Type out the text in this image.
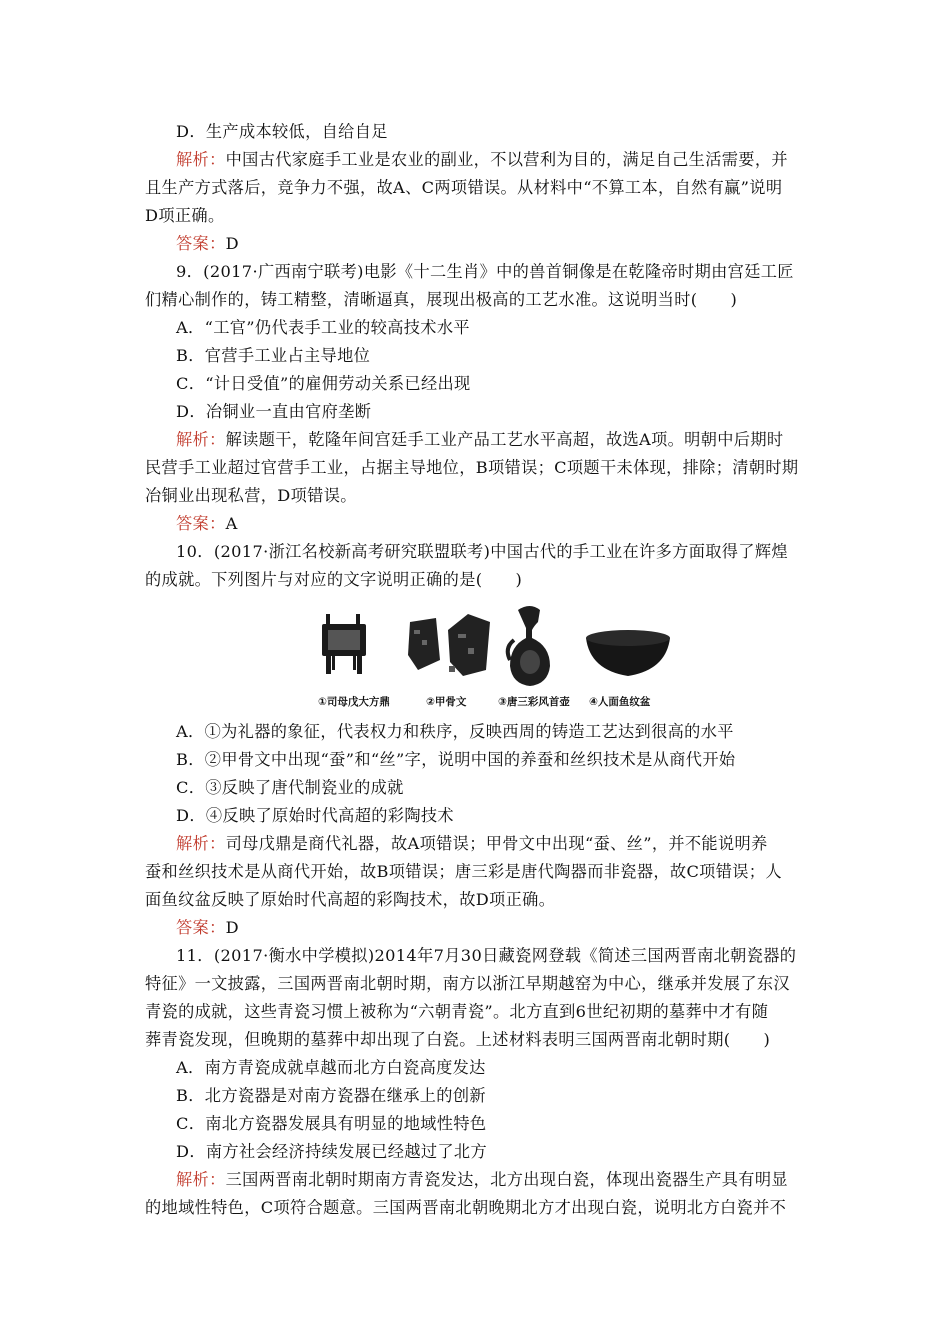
D．生产成本较低，自给自足
解析：中国古代家庭手工业是农业的副业，不以营利为目的，满足自己生活需要，并
且生产方式落后，竞争力不强，故A、C两项错误。从材料中“不算工本，自然有赢”说明
D项正确。
答案：D
9．(2017·广西南宁联考)电影《十二生肖》中的兽首铜像是在乾隆帝时期由宫廷工匠
们精心制作的，铸工精整，清晰逼真，展现出极高的工艺水准。这说明当时(　　)
A．“工官”仍代表手工业的较高技术水平
B．官营手工业占主导地位
C．“计日受值”的雇佣劳动关系已经出现
D．冶铜业一直由官府垄断
解析：解读题干，乾隆年间宫廷手工业产品工艺水平高超，故选A项。明朝中后期时
民营手工业超过官营手工业，占据主导地位，B项错误；C项题干未体现，排除；清朝时期
冶铜业出现私营，D项错误。
答案：A
10．(2017·浙江名校新高考研究联盟联考)中国古代的手工业在许多方面取得了辉煌
的成就。下列图片与对应的文字说明正确的是(　　)
①司母戊大方鼎	②甲骨文	③唐三彩风首壶 ④人面鱼纹盆
A．①为礼器的象征，代表权力和秩序，反映西周的铸造工艺达到很高的水平
B．②甲骨文中出现“蚕”和“丝”字，说明中国的养蚕和丝织技术是从商代开始
C．③反映了唐代制瓷业的成就
D．④反映了原始时代高超的彩陶技术
解析：司母戊鼎是商代礼器，故A项错误；甲骨文中出现“蚕、丝”，并不能说明养
蚕和丝织技术是从商代开始，故B项错误；唐三彩是唐代陶器而非瓷器，故C项错误；人
面鱼纹盆反映了原始时代高超的彩陶技术，故D项正确。
答案：D
11．(2017·衡水中学模拟)2014年7月30日藏瓷网登载《简述三国两晋南北朝瓷器的
特征》一文披露，三国两晋南北朝时期，南方以浙江早期越窑为中心，继承并发展了东汉
青瓷的成就，这些青瓷习惯上被称为“六朝青瓷”。北方直到6世纪初期的墓葬中才有随
葬青瓷发现，但晚期的墓葬中却出现了白瓷。上述材料表明三国两晋南北朝时期(　　)
A．南方青瓷成就卓越而北方白瓷高度发达
B．北方瓷器是对南方瓷器在继承上的创新
C．南北方瓷器发展具有明显的地域性特色
D．南方社会经济持续发展已经越过了北方
解析：三国两晋南北朝时期南方青瓷发达，北方出现白瓷，体现出瓷器生产具有明显
的地域性特色，C项符合题意。三国两晋南北朝晚期北方才出现白瓷，说明北方白瓷并不
